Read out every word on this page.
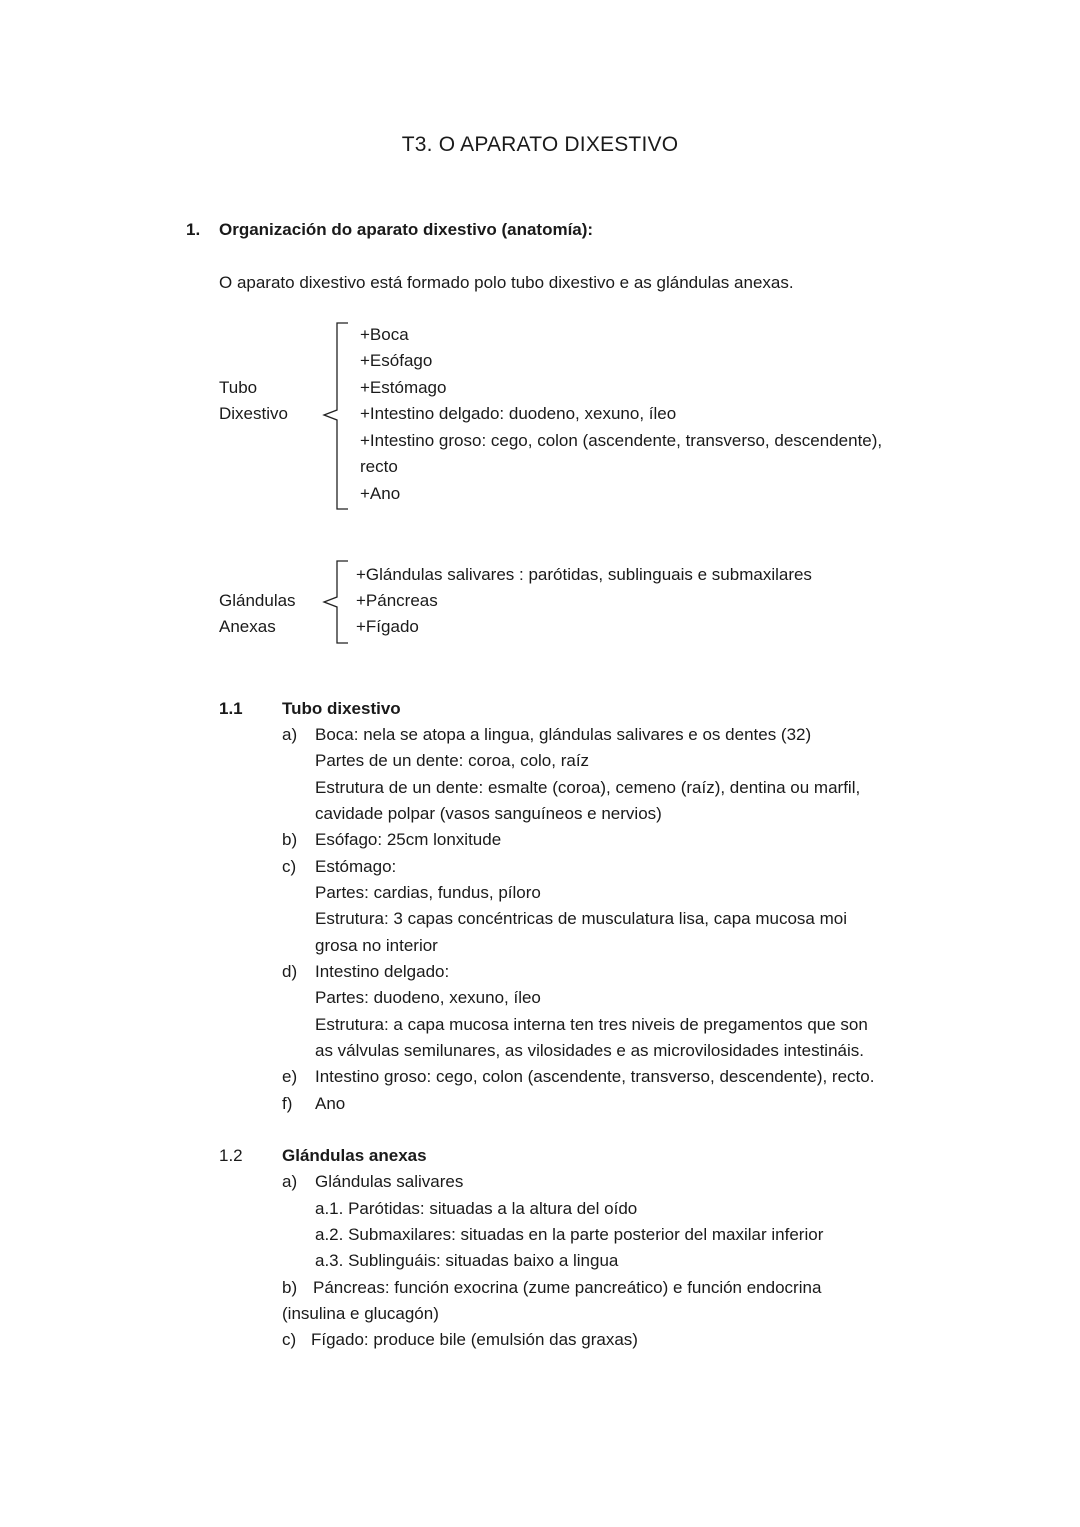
T3. O APARATO DIXESTIVO
1. Organización do aparato dixestivo (anatomía):
O aparato dixestivo está formado polo tubo dixestivo e as glándulas anexas.
Tubo
Dixestivo
+Boca
+Esófago
+Estómago
+Intestino delgado: duodeno, xexuno, íleo
+Intestino groso: cego, colon (ascendente, transverso, descendente),
recto
+Ano
Glándulas
Anexas
+Glándulas salivares : parótidas, sublinguais e submaxilares
+Páncreas
+Fígado
1.1 Tubo dixestivo
a) Boca: nela se atopa a lingua, glándulas salivares e os dentes (32)
Partes de un dente: coroa, colo, raíz
Estrutura de un dente: esmalte (coroa), cemeno (raíz), dentina ou marfil,
cavidade polpar (vasos sanguíneos e nervios)
b) Esófago: 25cm lonxitude
c) Estómago:
Partes: cardias, fundus, píloro
Estrutura: 3 capas concéntricas de musculatura lisa, capa mucosa moi
grosa no interior
d) Intestino delgado:
Partes: duodeno, xexuno, íleo
Estrutura: a capa mucosa interna ten tres niveis de pregamentos que son
as válvulas semilunares, as vilosidades e as microvilosidades intestináis.
e) Intestino groso: cego, colon (ascendente, transverso, descendente), recto.
f) Ano
1.2 Glándulas anexas
a) Glándulas salivares
a.1. Parótidas: situadas a la altura del oído
a.2. Submaxilares: situadas en la parte posterior del maxilar inferior
a.3. Sublinguáis: situadas baixo a lingua
b) Páncreas: función exocrina (zume pancreático) e función endocrina
(insulina e glucagón)
c) Fígado: produce bile (emulsión das graxas)
